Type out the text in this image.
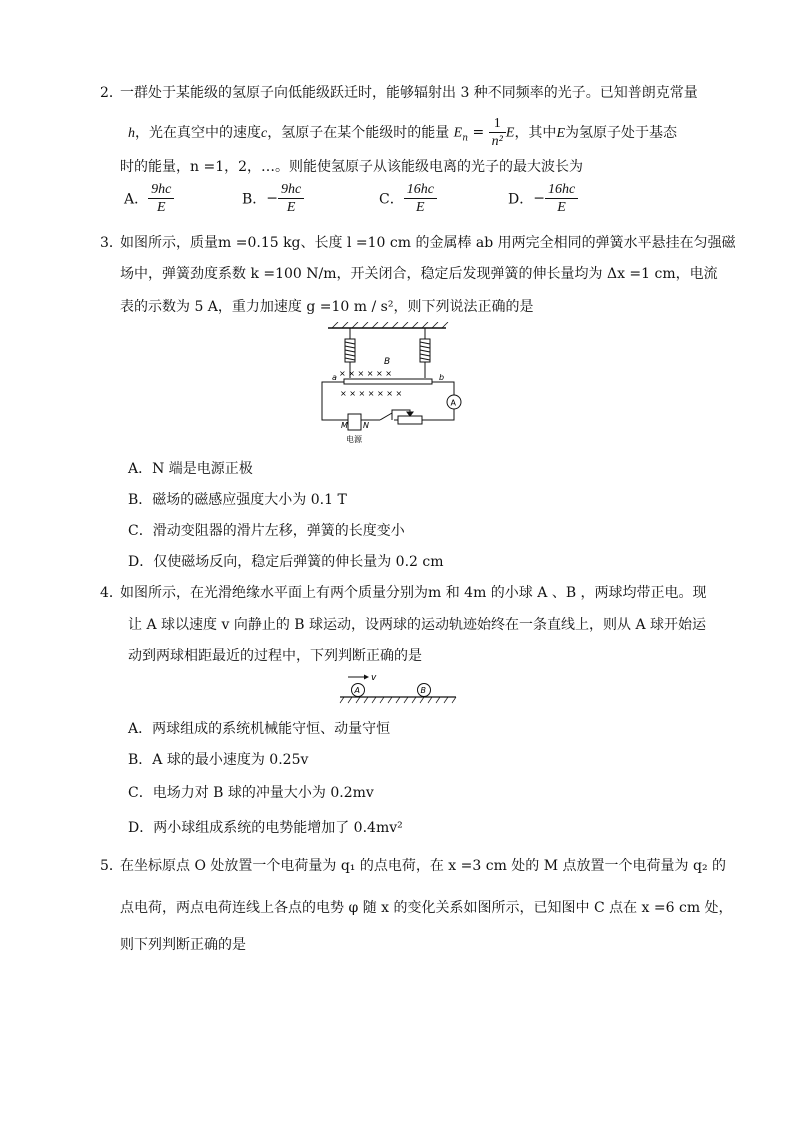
2．
一群处于某能级的氢原子向低能级跃迁时，能够辐射出 3 种不同频率的光子。已知普朗克常量
h，光在真空中的速度c，氢原子在某个能级时的能量 $E_n = \frac{1}{\text{n²}}$ E，其中E为氢原子处于基态
时的能量，n =1，2，…。则能使氢原子从该能级电离的光子的最大波长为
A． $\frac{9hc}{E}$	B．− $\frac{9hc}{E}$	C． $\frac{16hc}{E}$	D．− $\frac{16hc}{E}$
3．
如图所示，质量m =0.15 kg、长度 l =10 cm 的金属棒 ab 用两完全相同的弹簧水平悬挂在匀强磁
场中，弹簧劲度系数 k =100 N/m，开关闭合，稳定后发现弹簧的伸长量均为 Δx =1 cm，电流
表的示数为 5 A，重力加速度 g =10 m / s²，则下列说法正确的是
B
× × × × × ×
a	b
× × × × × × ×
A
M N
电源
A．N 端是电源正极
B．磁场的磁感应强度大小为 0.1 T
C．滑动变阻器的滑片左移，弹簧的长度变小
D．仅使磁场反向，稳定后弹簧的伸长量为 0.2 cm
4．
如图所示，在光滑绝缘水平面上有两个质量分别为m 和 4m 的小球 A 、B ，两球均带正电。现
让 A 球以速度 v 向静止的 B 球运动，设两球的运动轨迹始终在一条直线上，则从 A 球开始运
动到两球相距最近的过程中，下列判断正确的是
v
A	B
A．两球组成的系统机械能守恒、动量守恒
B．A 球的最小速度为 0.25v
C．电场力对 B 球的冲量大小为 0.2mv
D．两小球组成系统的电势能增加了 0.4mv²
5．
在坐标原点 O 处放置一个电荷量为 q₁ 的点电荷，在 x =3 cm 处的 M 点放置一个电荷量为 q₂ 的
点电荷，两点电荷连线上各点的电势 φ 随 x 的变化关系如图所示，已知图中 C 点在 x =6 cm 处，
则下列判断正确的是
